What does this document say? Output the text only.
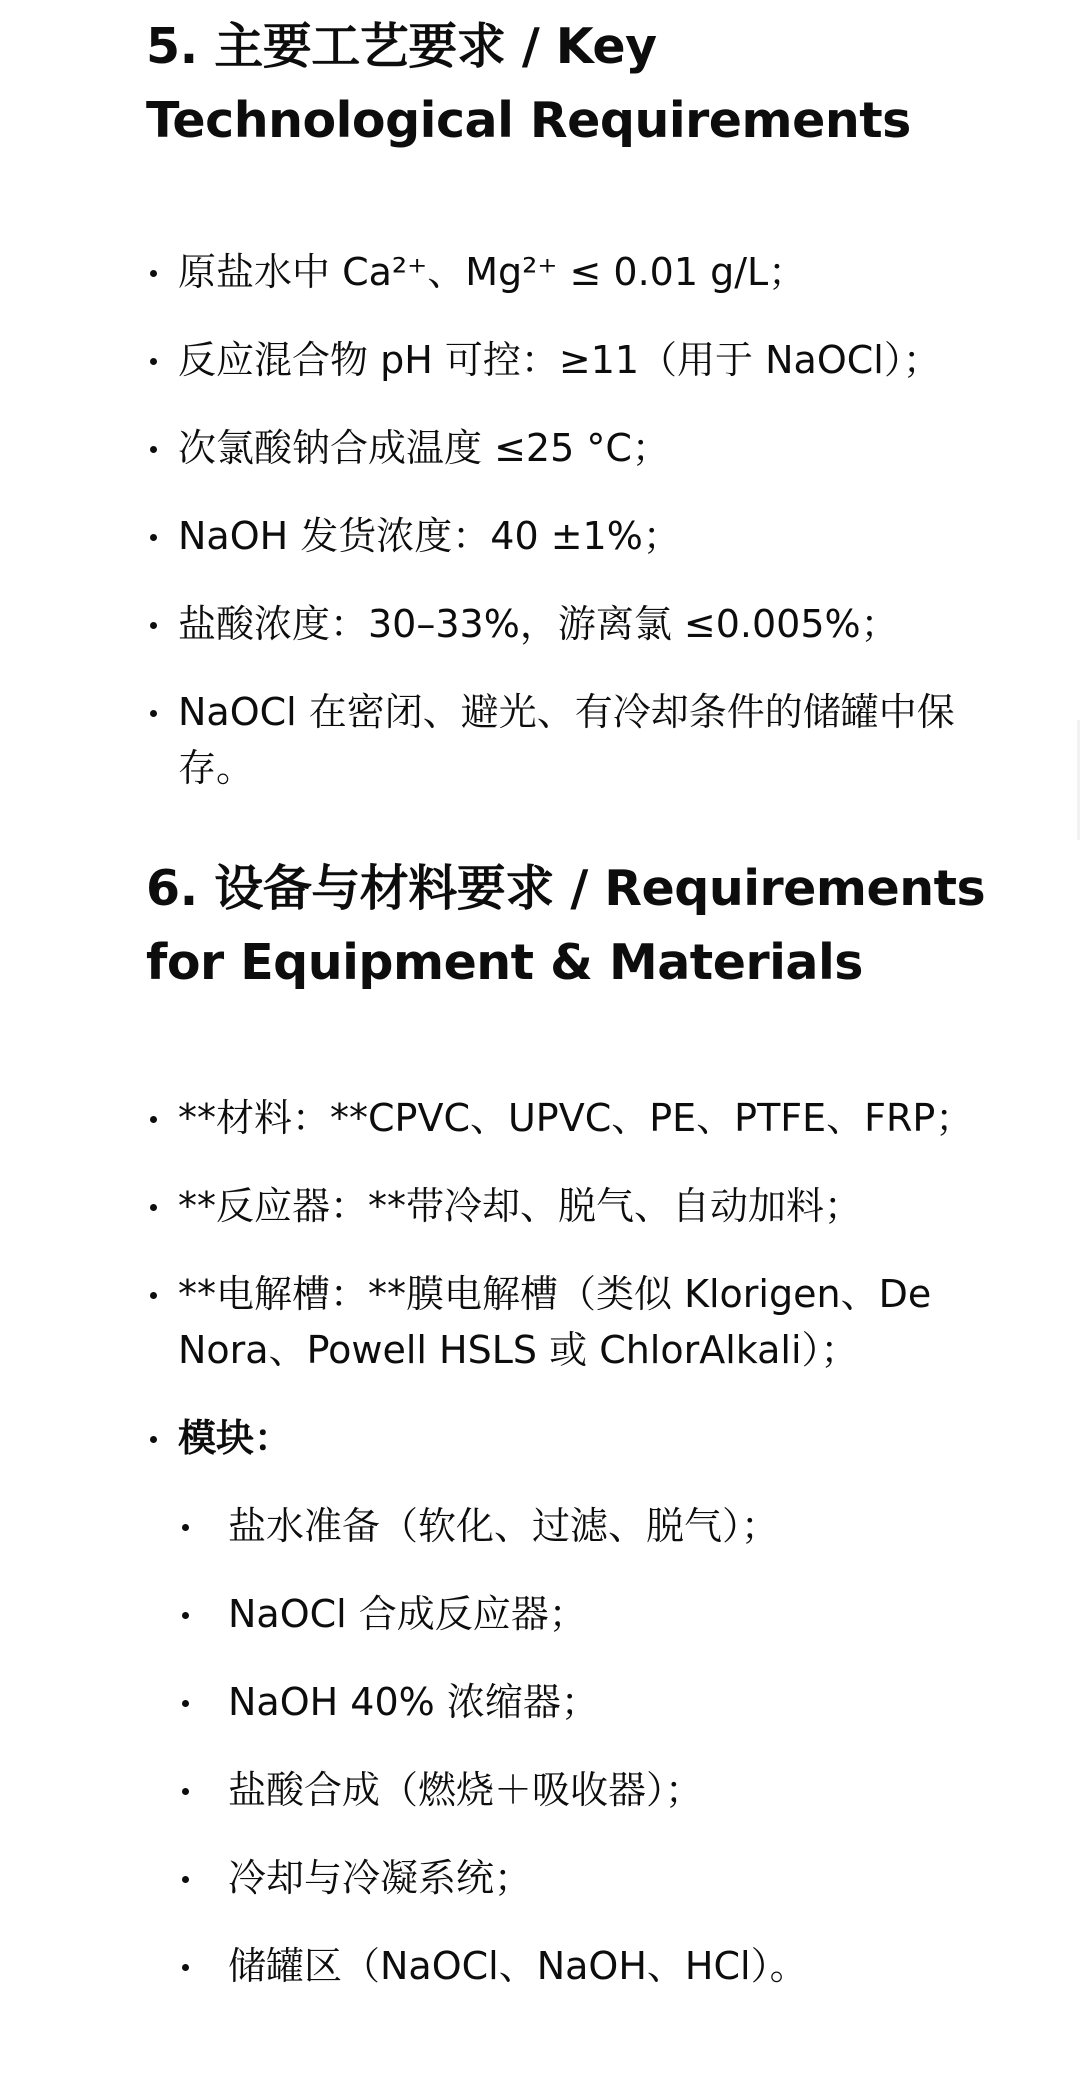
5. 主要工艺要求 / Key Technological Requirements
原盐水中 Ca²⁺、Mg²⁺ ≤ 0.01 g/L；
反应混合物 pH 可控：≥11（用于 NaOCl）；
次氯酸钠合成温度 ≤25 °C；
NaOH 发货浓度：40 ±1%；
盐酸浓度：30–33%，游离氯 ≤0.005%；
NaOCl 在密闭、避光、有冷却条件的储罐中保存。
6. 设备与材料要求 / Requirements for Equipment & Materials
**材料：**CPVC、UPVC、PE、PTFE、FRP；
**反应器：**带冷却、脱气、自动加料；
**电解槽：**膜电解槽（类似 Klorigen、De Nora、Powell HSLS 或 ChlorAlkali）；
模块：
盐水准备（软化、过滤、脱气）；
NaOCl 合成反应器；
NaOH 40% 浓缩器；
盐酸合成（燃烧＋吸收器）；
冷却与冷凝系统；
储罐区（NaOCl、NaOH、HCl）。
